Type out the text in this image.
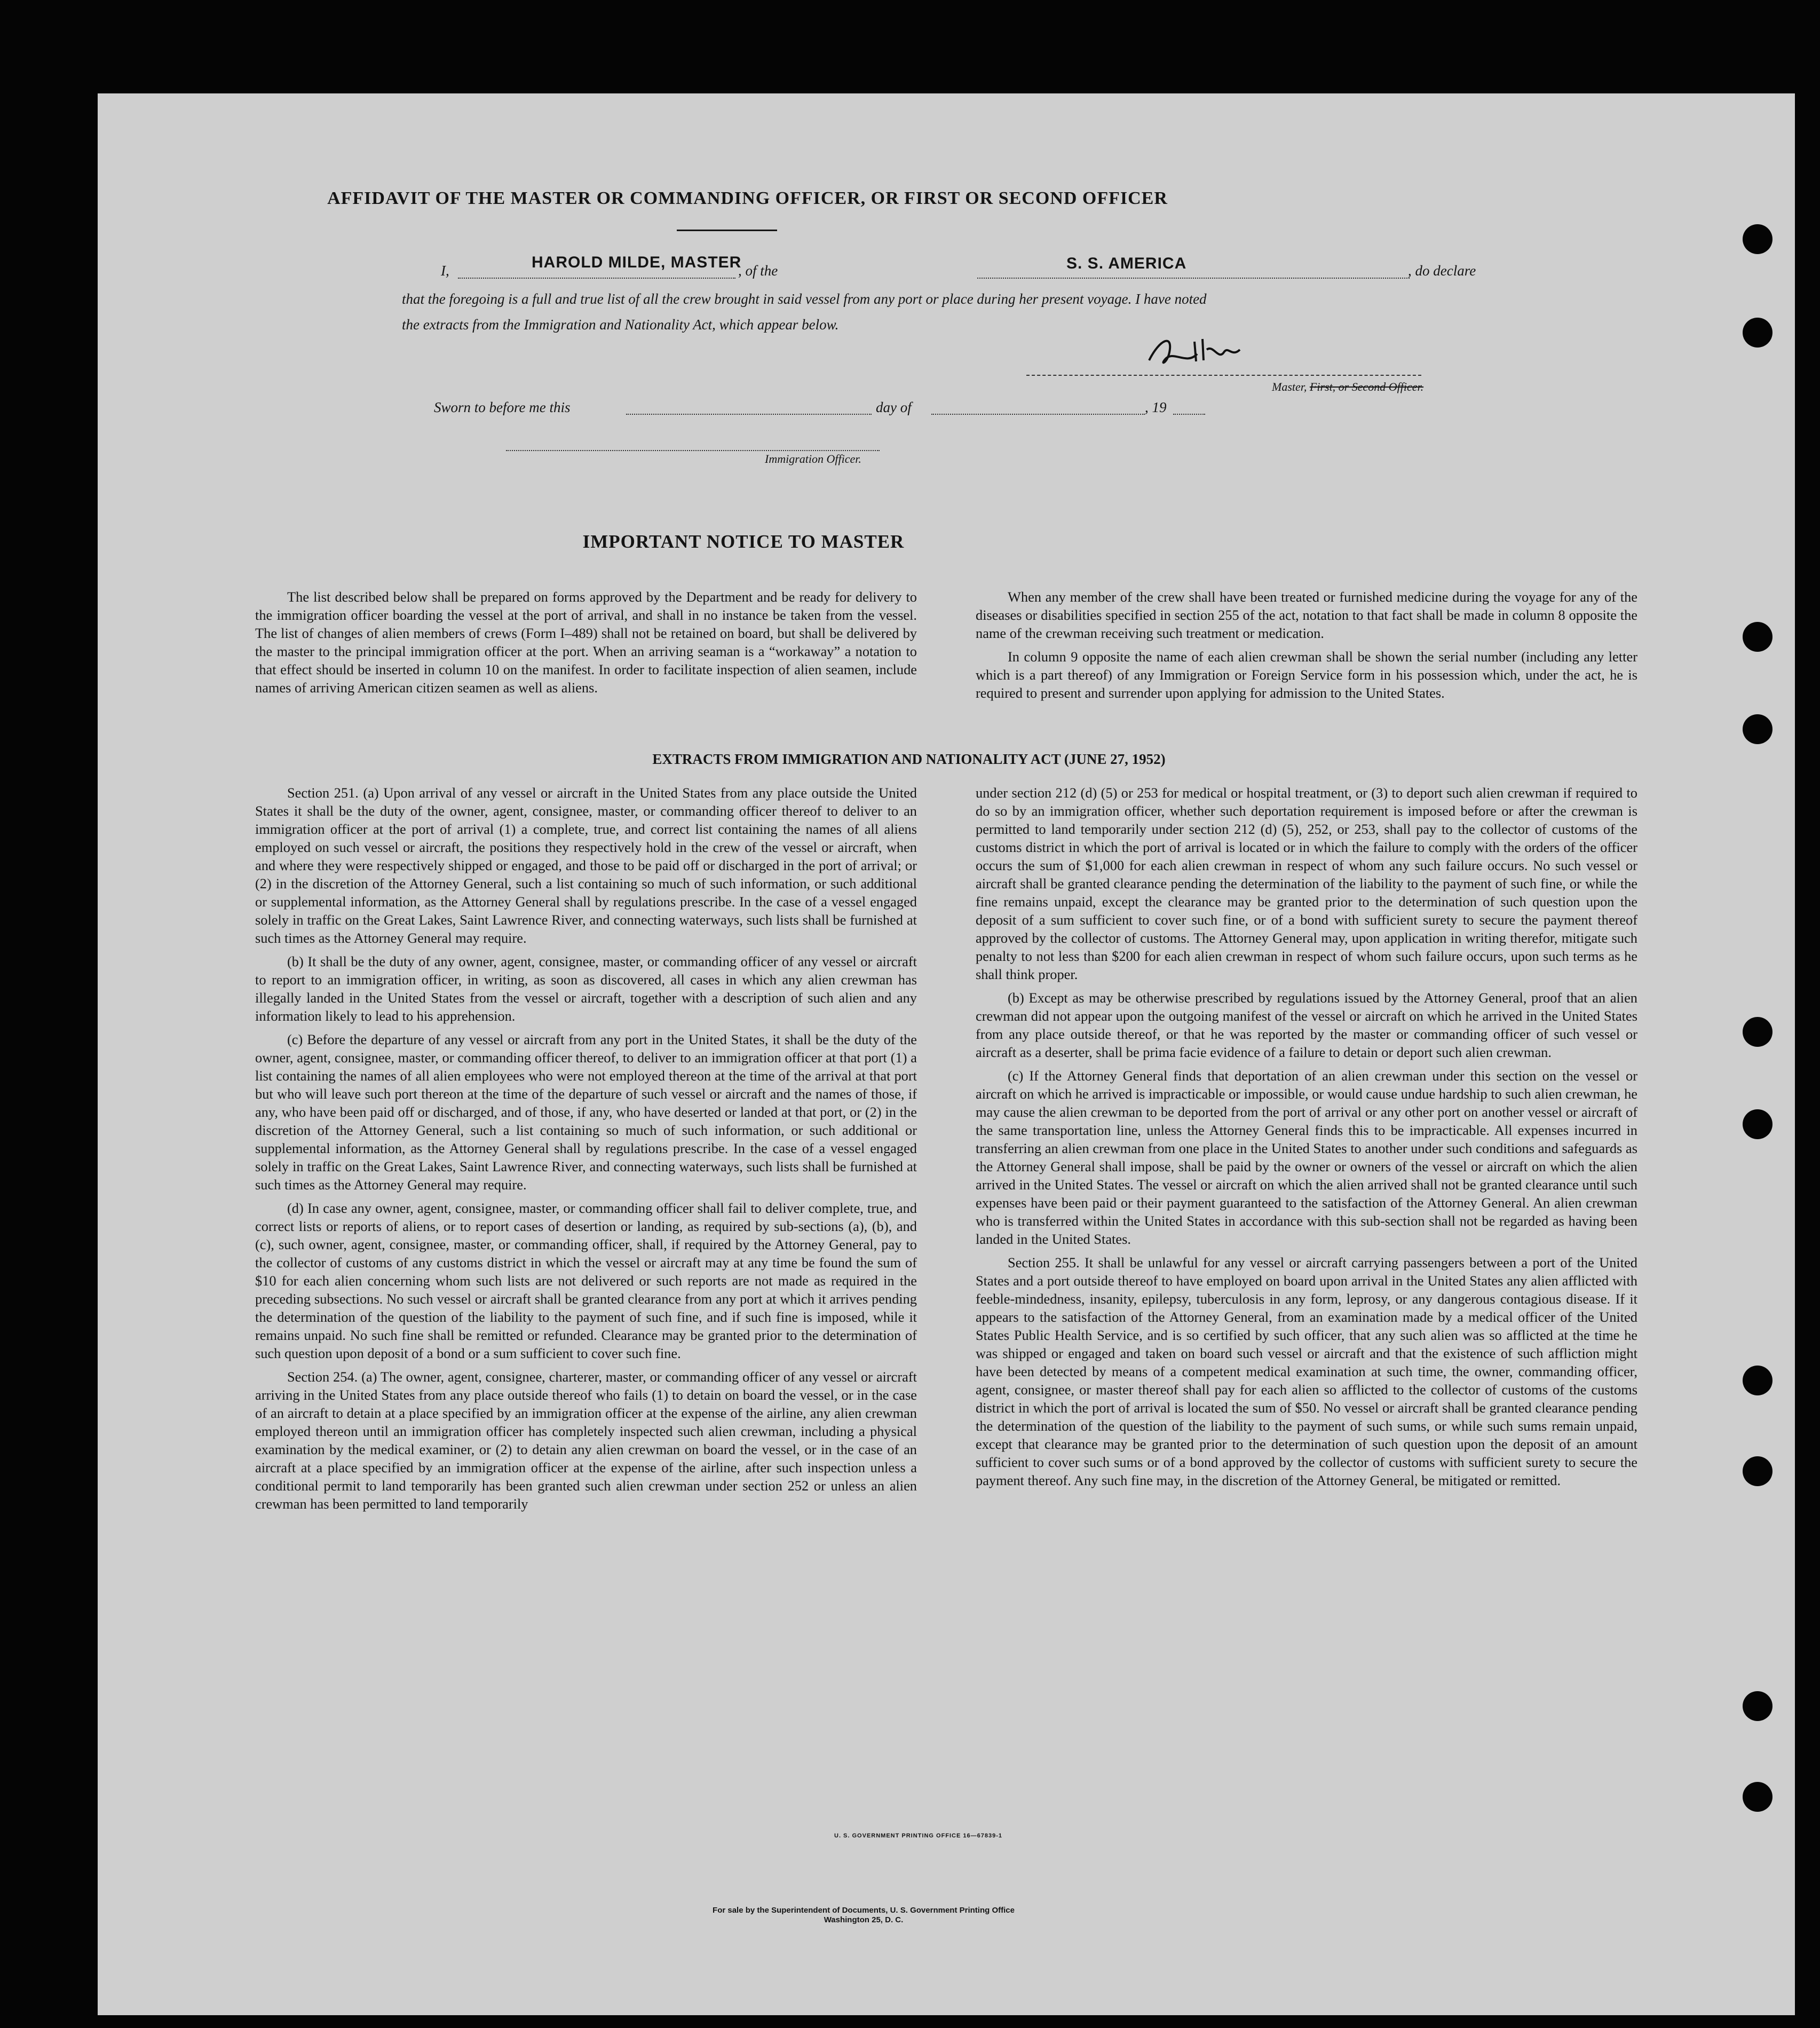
AFFIDAVIT OF THE MASTER OR COMMANDING OFFICER, OR FIRST OR SECOND OFFICER
I,	HAROLD MILDE, MASTER
, of the	S. S. AMERICA	, do declare
that the foregoing is a full and true list of all the crew brought in said vessel from any port or place during her present voyage. I have noted
the extracts from the Immigration and Nationality Act, which appear below.
Master, First, or Second Officer.
Sworn to before me this	day of	, 19
Immigration Officer.
IMPORTANT NOTICE TO MASTER

The list described below shall be prepared on forms approved by the Department and be ready for delivery to the immigration officer boarding the vessel at the port of arrival, and shall in no instance be taken from the vessel. The list of changes of alien members of crews (Form I–489) shall not be retained on board, but shall be delivered by the master to the principal immigration officer at the port. When an arriving seaman is a “workaway” a notation to that effect should be inserted in column 10 on the manifest. In order to facilitate inspection of alien seamen, include names of arriving American citizen seamen as well as aliens.

When any member of the crew shall have been treated or furnished medicine during the voyage for any of the diseases or disabilities specified in section 255 of the act, notation to that fact shall be made in column 8 opposite the name of the crewman receiving such treatment or medication.

In column 9 opposite the name of each alien crewman shall be shown the serial number (including any letter which is a part thereof) of any Immigration or Foreign Service form in his possession which, under the act, he is required to present and surrender upon applying for admission to the United States.

EXTRACTS FROM IMMIGRATION AND NATIONALITY ACT (JUNE 27, 1952)

Section 251. (a) Upon arrival of any vessel or aircraft in the United States from any place outside the United States it shall be the duty of the owner, agent, consignee, master, or commanding officer thereof to deliver to an immigration officer at the port of arrival (1) a complete, true, and correct list containing the names of all aliens employed on such vessel or aircraft, the positions they respectively hold in the crew of the vessel or aircraft, when and where they were respectively shipped or engaged, and those to be paid off or discharged in the port of arrival; or (2) in the discretion of the Attorney General, such a list containing so much of such information, or such additional or supplemental information, as the Attorney General shall by regulations prescribe. In the case of a vessel engaged solely in traffic on the Great Lakes, Saint Lawrence River, and connecting waterways, such lists shall be furnished at such times as the Attorney General may require.

(b) It shall be the duty of any owner, agent, consignee, master, or commanding officer of any vessel or aircraft to report to an immigration officer, in writing, as soon as discovered, all cases in which any alien crewman has illegally landed in the United States from the vessel or aircraft, together with a description of such alien and any information likely to lead to his apprehension.

(c) Before the departure of any vessel or aircraft from any port in the United States, it shall be the duty of the owner, agent, consignee, master, or commanding officer thereof, to deliver to an immigration officer at that port (1) a list containing the names of all alien employees who were not employed thereon at the time of the arrival at that port but who will leave such port thereon at the time of the departure of such vessel or aircraft and the names of those, if any, who have been paid off or discharged, and of those, if any, who have deserted or landed at that port, or (2) in the discretion of the Attorney General, such a list containing so much of such information, or such additional or supplemental information, as the Attorney General shall by regulations prescribe. In the case of a vessel engaged solely in traffic on the Great Lakes, Saint Lawrence River, and connecting waterways, such lists shall be furnished at such times as the Attorney General may require.

(d) In case any owner, agent, consignee, master, or commanding officer shall fail to deliver complete, true, and correct lists or reports of aliens, or to report cases of desertion or landing, as required by sub-sections (a), (b), and (c), such owner, agent, consignee, master, or commanding officer, shall, if required by the Attorney General, pay to the collector of customs of any customs district in which the vessel or aircraft may at any time be found the sum of $10 for each alien concerning whom such lists are not delivered or such reports are not made as required in the preceding subsections. No such vessel or aircraft shall be granted clearance from any port at which it arrives pending the determination of the question of the liability to the payment of such fine, and if such fine is imposed, while it remains unpaid. No such fine shall be remitted or refunded. Clearance may be granted prior to the determination of such question upon deposit of a bond or a sum sufficient to cover such fine.

Section 254. (a) The owner, agent, consignee, charterer, master, or commanding officer of any vessel or aircraft arriving in the United States from any place outside thereof who fails (1) to detain on board the vessel, or in the case of an aircraft to detain at a place specified by an immigration officer at the expense of the airline, any alien crewman employed thereon until an immigration officer has completely inspected such alien crewman, including a physical examination by the medical examiner, or (2) to detain any alien crewman on board the vessel, or in the case of an aircraft at a place specified by an immigration officer at the expense of the airline, after such inspection unless a conditional permit to land temporarily has been granted such alien crewman under section 252 or unless an alien crewman has been permitted to land temporarily

under section 212 (d) (5) or 253 for medical or hospital treatment, or (3) to deport such alien crewman if required to do so by an immigration officer, whether such deportation requirement is imposed before or after the crewman is permitted to land temporarily under section 212 (d) (5), 252, or 253, shall pay to the collector of customs of the customs district in which the port of arrival is located or in which the failure to comply with the orders of the officer occurs the sum of $1,000 for each alien crewman in respect of whom any such failure occurs. No such vessel or aircraft shall be granted clearance pending the determination of the liability to the payment of such fine, or while the fine remains unpaid, except the clearance may be granted prior to the determination of such question upon the deposit of a sum sufficient to cover such fine, or of a bond with sufficient surety to secure the payment thereof approved by the collector of customs. The Attorney General may, upon application in writing therefor, mitigate such penalty to not less than $200 for each alien crewman in respect of whom such failure occurs, upon such terms as he shall think proper.

(b) Except as may be otherwise prescribed by regulations issued by the Attorney General, proof that an alien crewman did not appear upon the outgoing manifest of the vessel or aircraft on which he arrived in the United States from any place outside thereof, or that he was reported by the master or commanding officer of such vessel or aircraft as a deserter, shall be prima facie evidence of a failure to detain or deport such alien crewman.

(c) If the Attorney General finds that deportation of an alien crewman under this section on the vessel or aircraft on which he arrived is impracticable or impossible, or would cause undue hardship to such alien crewman, he may cause the alien crewman to be deported from the port of arrival or any other port on another vessel or aircraft of the same transportation line, unless the Attorney General finds this to be impracticable. All expenses incurred in transferring an alien crewman from one place in the United States to another under such conditions and safeguards as the Attorney General shall impose, shall be paid by the owner or owners of the vessel or aircraft on which the alien arrived in the United States. The vessel or aircraft on which the alien arrived shall not be granted clearance until such expenses have been paid or their payment guaranteed to the satisfaction of the Attorney General. An alien crewman who is transferred within the United States in accordance with this sub-section shall not be regarded as having been landed in the United States.

Section 255. It shall be unlawful for any vessel or aircraft carrying passengers between a port of the United States and a port outside thereof to have employed on board upon arrival in the United States any alien afflicted with feeble-mindedness, insanity, epilepsy, tuberculosis in any form, leprosy, or any dangerous contagious disease. If it appears to the satisfaction of the Attorney General, from an examination made by a medical officer of the United States Public Health Service, and is so certified by such officer, that any such alien was so afflicted at the time he was shipped or engaged and taken on board such vessel or aircraft and that the existence of such affliction might have been detected by means of a competent medical examination at such time, the owner, commanding officer, agent, consignee, or master thereof shall pay for each alien so afflicted to the collector of customs of the customs district in which the port of arrival is located the sum of $50. No vessel or aircraft shall be granted clearance pending the determination of the question of the liability to the payment of such sums, or while such sums remain unpaid, except that clearance may be granted prior to the determination of such question upon the deposit of an amount sufficient to cover such sums or of a bond approved by the collector of customs with sufficient surety to secure the payment thereof. Any such fine may, in the discretion of the Attorney General, be mitigated or remitted.

U. S. GOVERNMENT PRINTING OFFICE 16—67839-1
For sale by the Superintendent of Documents, U. S. Government Printing Office
Washington 25, D. C.
